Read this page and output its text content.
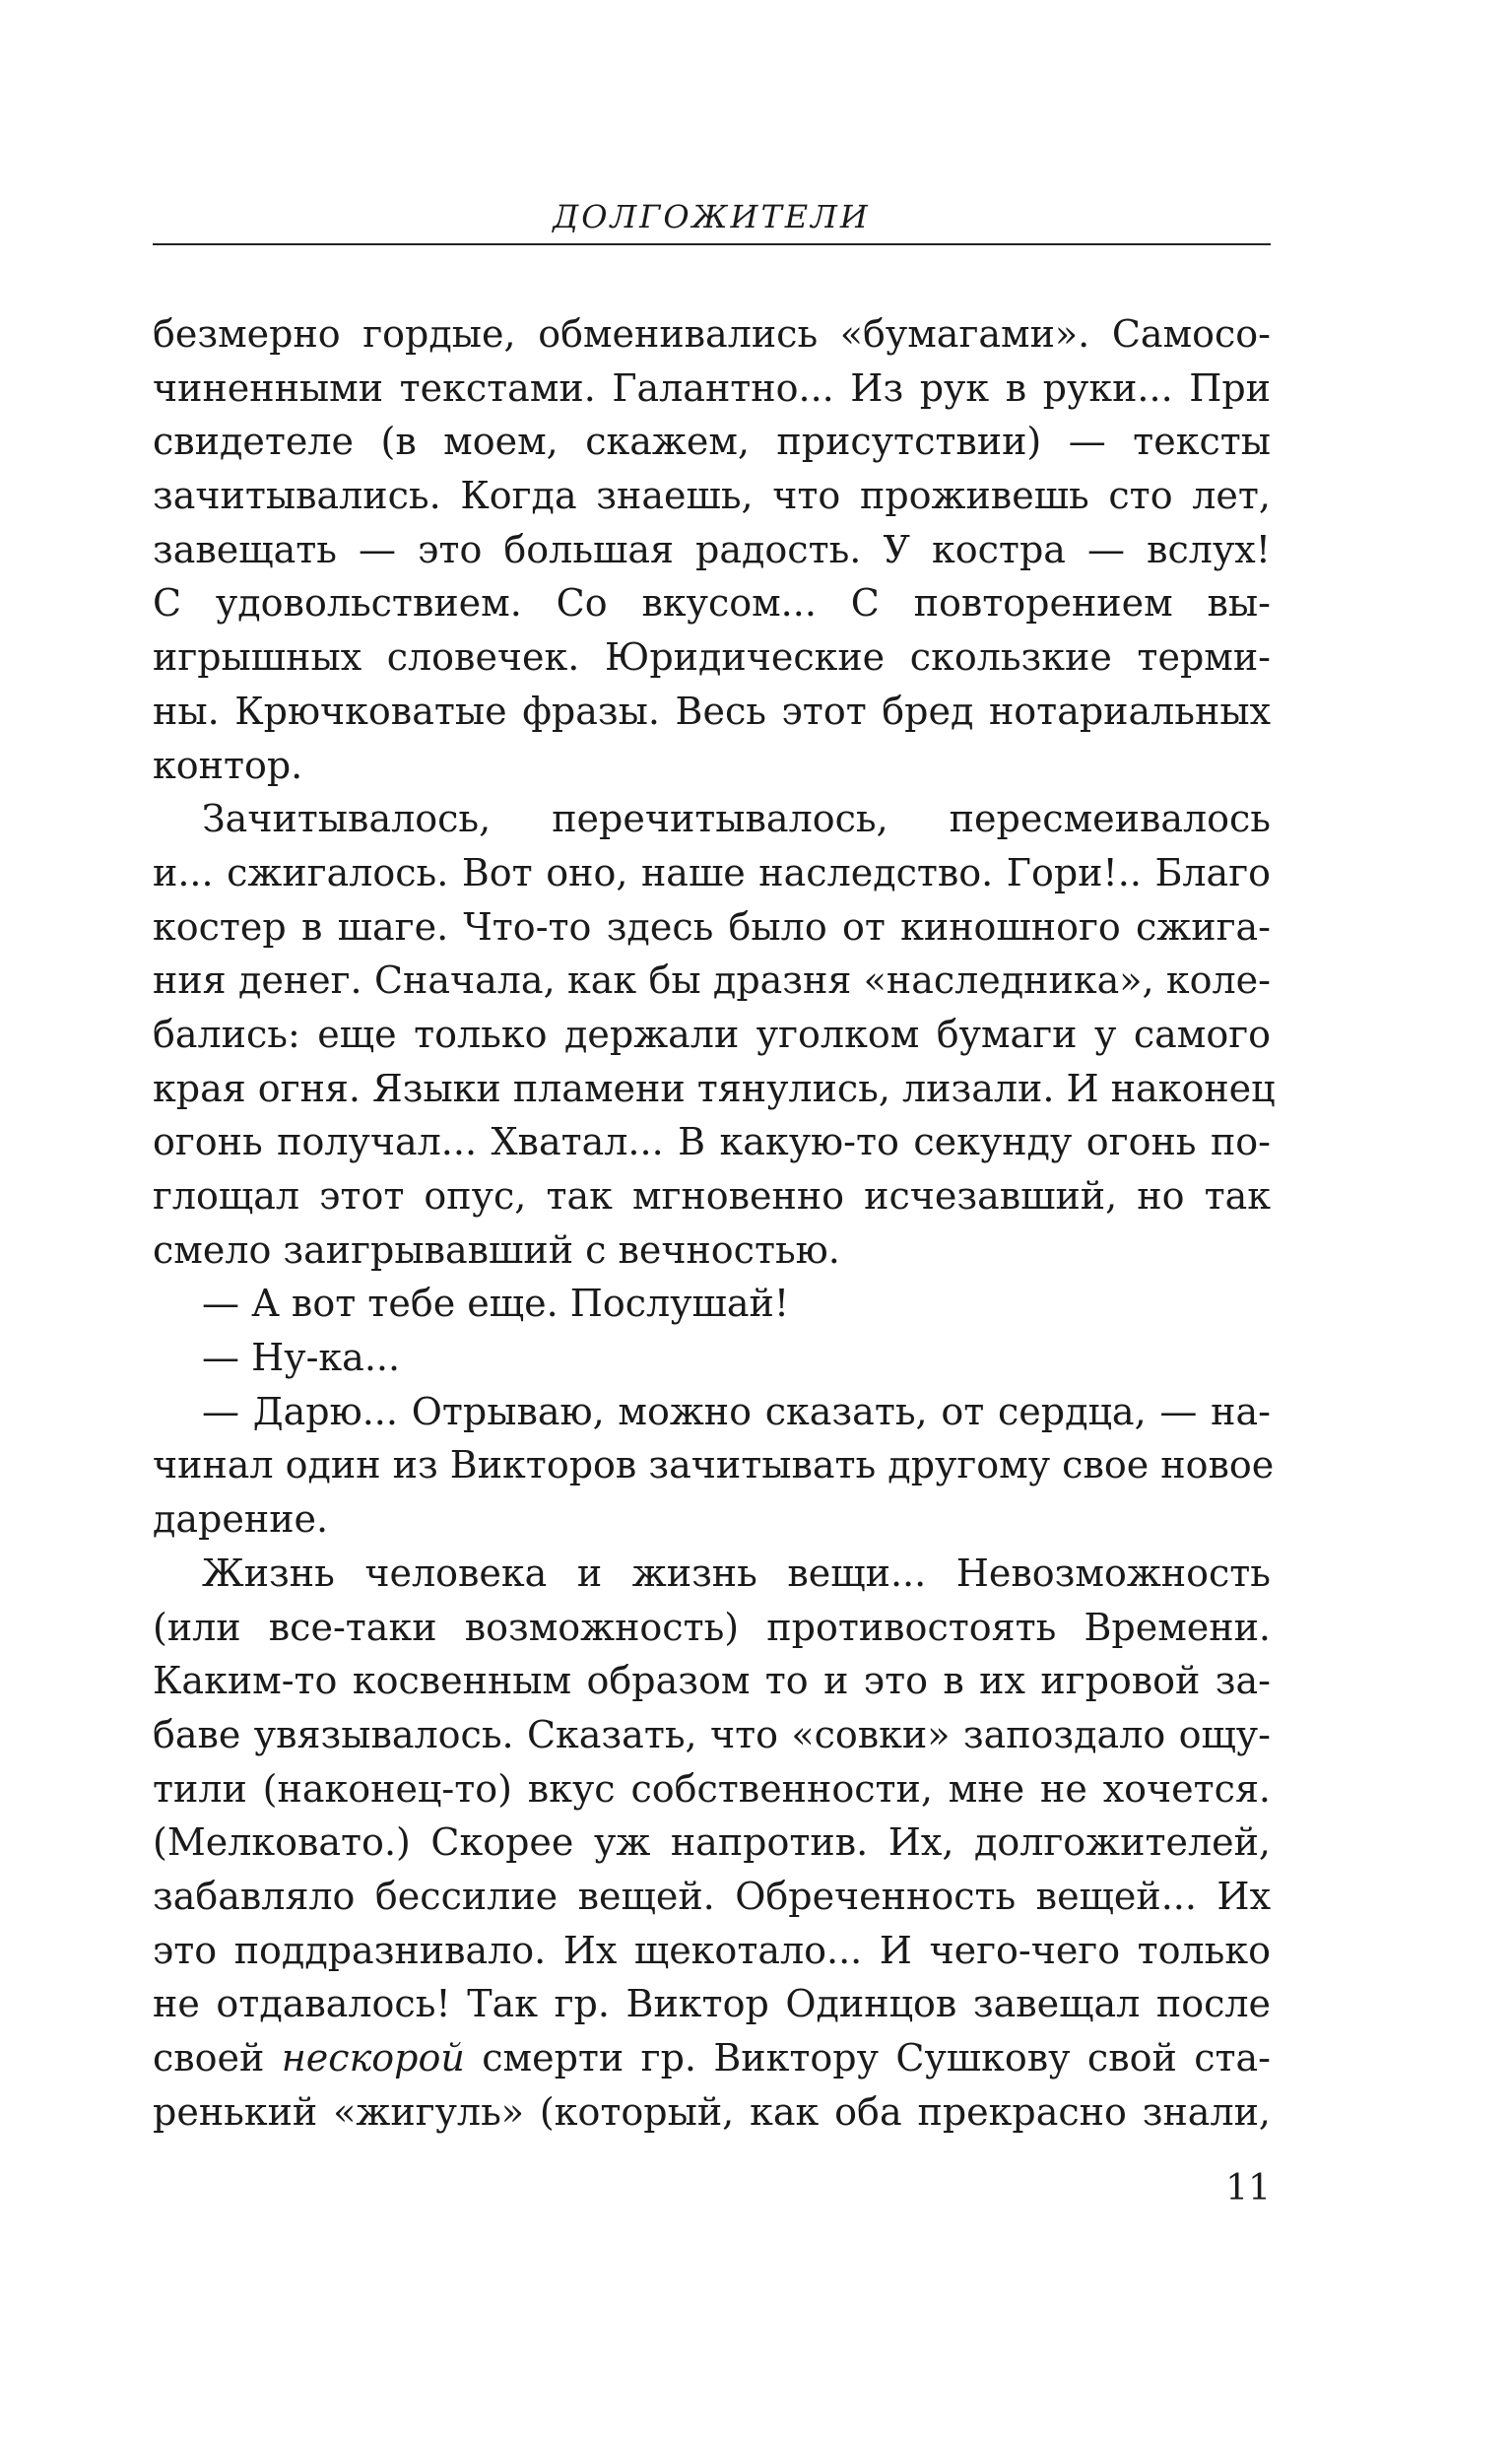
ДОЛГОЖИТЕЛИ
безмерно гордые, обменивались «бумагами». Самосо-
чиненными текстами. Галантно... Из рук в руки... При
свидетеле (в моем, скажем, присутствии) — тексты
зачитывались. Когда знаешь, что проживешь сто лет,
завещать — это большая радость. У костра — вслух!
С удовольствием. Со вкусом... С повторением вы-
игрышных словечек. Юридические скользкие терми-
ны. Крючковатые фразы. Весь этот бред нотариальных
контор.
Зачитывалось, перечитывалось, пересмеивалось
и... сжигалось. Вот оно, наше наследство. Гори!.. Благо
костер в шаге. Что-то здесь было от киношного сжига-
ния денег. Сначала, как бы дразня «наследника», коле-
бались: еще только держали уголком бумаги у самого
края огня. Языки пламени тянулись, лизали. И наконец
огонь получал... Хватал... В какую-то секунду огонь по-
глощал этот опус, так мгновенно исчезавший, но так
смело заигрывавший с вечностью.
— А вот тебе еще. Послушай!
— Ну-ка...
— Дарю... Отрываю, можно сказать, от сердца, — на-
чинал один из Викторов зачитывать другому свое новое
дарение.
Жизнь человека и жизнь вещи... Невозможность
(или все-таки возможность) противостоять Времени.
Каким-то косвенным образом то и это в их игровой за-
баве увязывалось. Сказать, что «совки» запоздало ощу-
тили (наконец-то) вкус собственности, мне не хочется.
(Мелковато.) Скорее уж напротив. Их, долгожителей,
забавляло бессилие вещей. Обреченность вещей... Их
это поддразнивало. Их щекотало... И чего-чего только
не отдавалось! Так гр. Виктор Одинцов завещал после
своей нескорой смерти гр. Виктору Сушкову свой ста-
ренький «жигуль» (который, как оба прекрасно знали,
11
